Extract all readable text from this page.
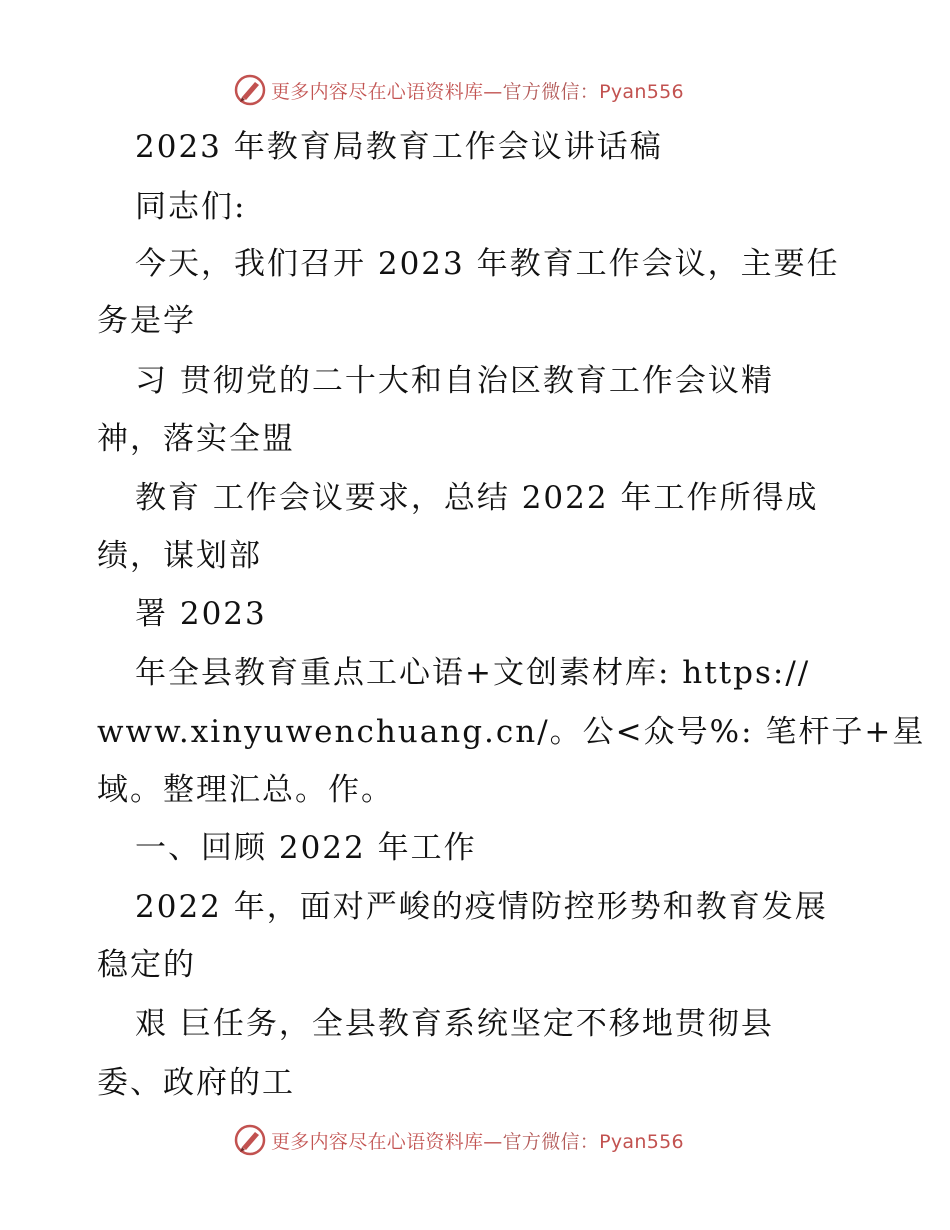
更多内容尽在心语资料库—官方微信：Pyan556
2023 年教育局教育工作会议讲话稿
同志们:
今天，我们召开 2023 年教育工作会议，主要任
务是学
习 贯彻党的二十大和自治区教育工作会议精
神，落实全盟
教育 工作会议要求，总结 2022 年工作所得成
绩，谋划部
署 2023
年全县教育重点工心语+文创素材库: https://
www.xinyuwenchuang.cn/。公<众号%: 笔杆子+星
域。整理汇总。作。
一、回顾 2022 年工作
2022 年，面对严峻的疫情防控形势和教育发展
稳定的
艰 巨任务，全县教育系统坚定不移地贯彻县
委、政府的工
更多内容尽在心语资料库—官方微信：Pyan556
